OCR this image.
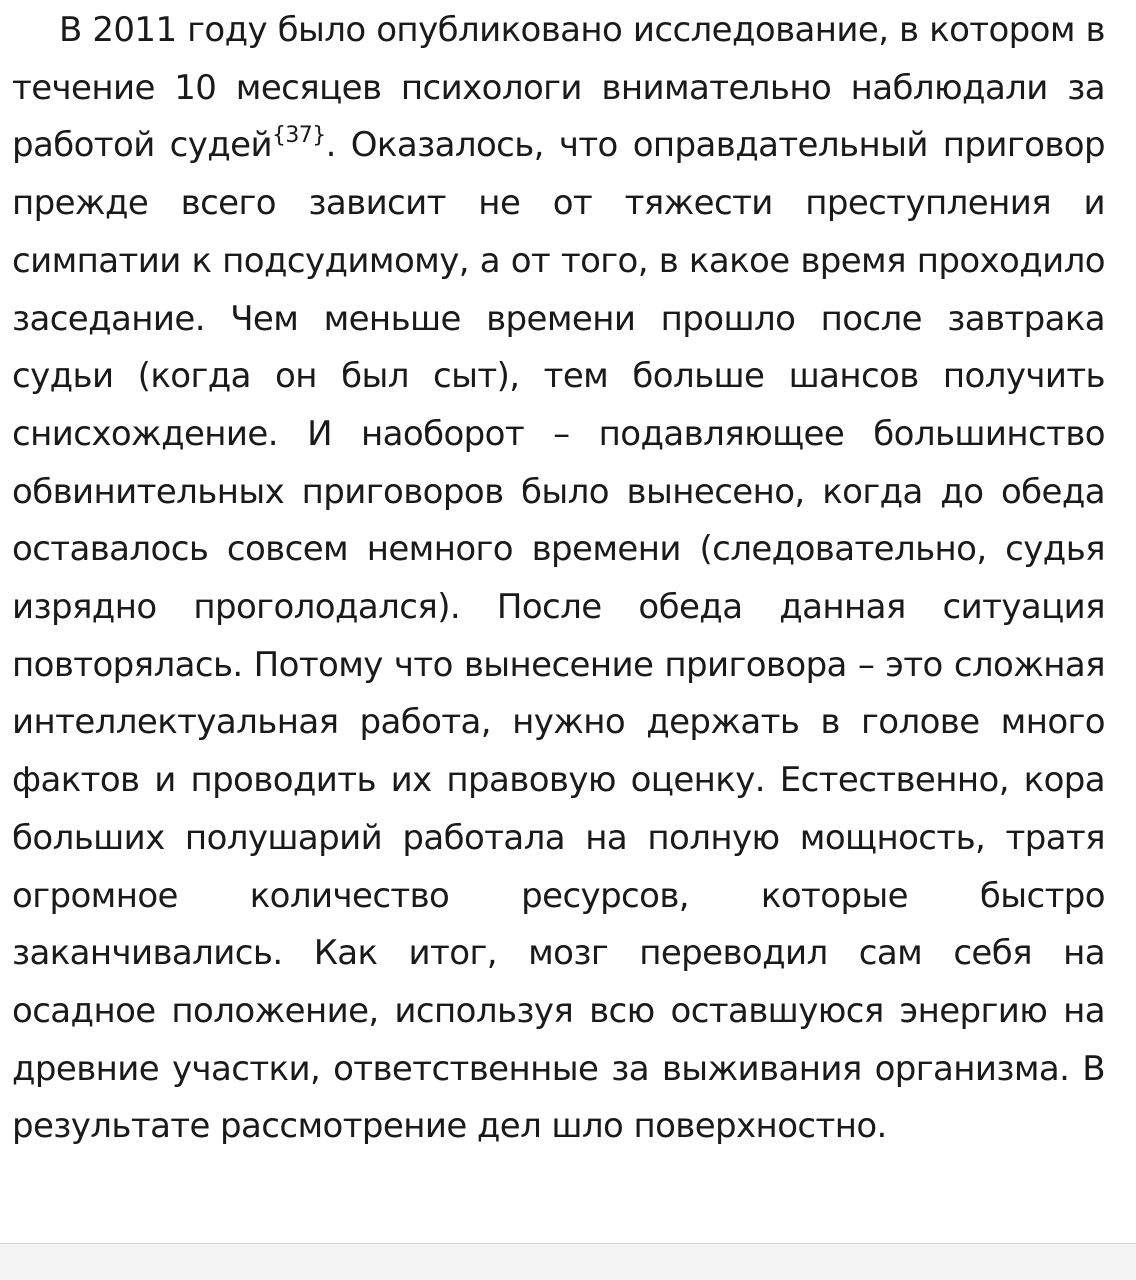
В 2011 году было опубликовано исследование, в котором в течение 10 месяцев психологи внимательно наблюдали за работой судей$^{\{37\}}$. Оказалось, что оправдательный приговор прежде всего зависит не от тяжести преступления и симпатии к подсудимому, а от того, в какое время проходило заседание. Чем меньше времени прошло после завтрака судьи (когда он был сыт), тем больше шансов получить снисхождение. И наоборот – подавляющее большинство обвинительных приговоров было вынесено, когда до обеда оставалось совсем немного времени (следовательно, судья изрядно проголодался). После обеда данная ситуация повторялась. Потому что вынесение приговора – это сложная интеллектуальная работа, нужно держать в голове много фактов и проводить их правовую оценку. Естественно, кора больших полушарий работала на полную мощность, тратя огромное количество ресурсов, которые быстро заканчивались. Как итог, мозг переводил сам себя на осадное положение, используя всю оставшуюся энергию на древние участки, ответственные за выживания организма. В результате рассмотрение дел шло поверхностно.
